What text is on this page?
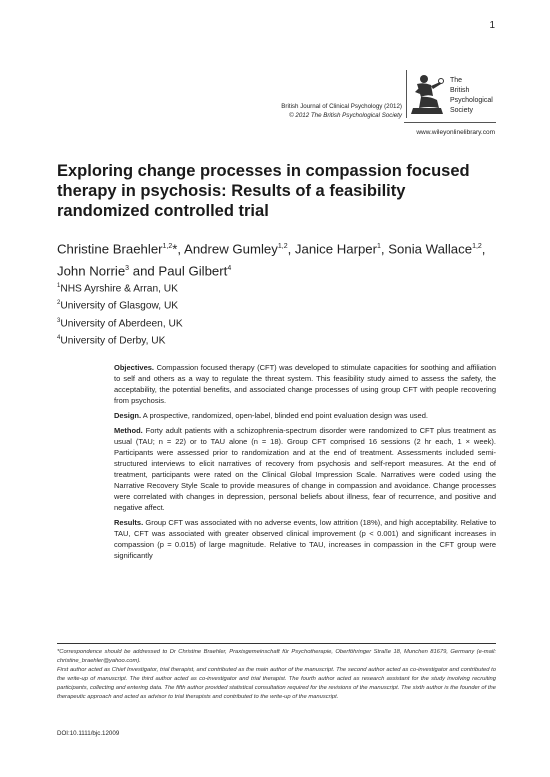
1
British Journal of Clinical Psychology (2012)
© 2012 The British Psychological Society
The
British
Psychological
Society
www.wileyonlinelibrary.com
Exploring change processes in compassion focused therapy in psychosis: Results of a feasibility randomized controlled trial
Christine Braehler$^{1,2}$*, Andrew Gumley$^{1,2}$, Janice Harper$^1$, Sonia Wallace$^{1,2}$, John Norrie$^3$ and Paul Gilbert$^4$
$^1$NHS Ayrshire & Arran, UK
$^2$University of Glasgow, UK
$^3$University of Aberdeen, UK
$^4$University of Derby, UK

Objectives. Compassion focused therapy (CFT) was developed to stimulate capacities for soothing and affiliation to self and others as a way to regulate the threat system. This feasibility study aimed to assess the safety, the acceptability, the potential benefits, and associated change processes of using group CFT with people recovering from psychosis.

Design. A prospective, randomized, open-label, blinded end point evaluation design was used.

Method. Forty adult patients with a schizophrenia-spectrum disorder were randomized to CFT plus treatment as usual (TAU; n = 22) or to TAU alone (n = 18). Group CFT comprised 16 sessions (2 hr each, 1 × week). Participants were assessed prior to randomization and at the end of treatment. Assessments included semi-structured interviews to elicit narratives of recovery from psychosis and self-report measures. At the end of treatment, participants were rated on the Clinical Global Impression Scale. Narratives were coded using the Narrative Recovery Style Scale to provide measures of change in compassion and avoidance. Change processes were correlated with changes in depression, personal beliefs about illness, fear of recurrence, and positive and negative affect.

Results. Group CFT was associated with no adverse events, low attrition (18%), and high acceptability. Relative to TAU, CFT was associated with greater observed clinical improvement (p < 0.001) and significant increases in compassion (p = 0.015) of large magnitude. Relative to TAU, increases in compassion in the CFT group were significantly

*Correspondence should be addressed to Dr Christine Braehler, Praxisgemeinschaft für Psychotherapie, Oberföhringer Straße 18, Munchen 81679, Germany (e-mail: christine_braehler@yahoo.com).

First author acted as Chief Investigator, trial therapist, and contributed as the main author of the manuscript. The second author acted as co-investigator and contributed to the write-up of manuscript. The third author acted as co-investigator and trial therapist. The fourth author acted as research assistant for the study involving recruiting participants, collecting and entering data. The fifth author provided statistical consultation required for the revisions of the manuscript. The sixth author is the founder of the therapeutic approach and acted as advisor to trial therapists and contributed to the write-up of the manuscript.

DOI:10.1111/bjc.12009
